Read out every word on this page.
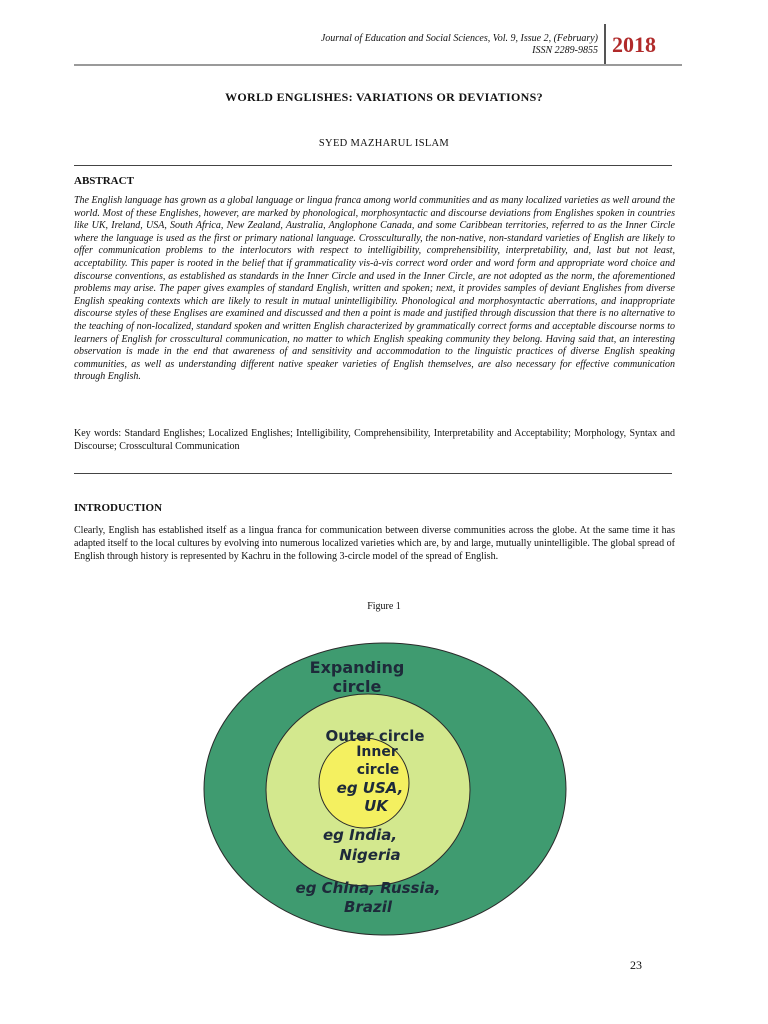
Journal of Education and Social Sciences, Vol. 9, Issue 2, (February)
ISSN 2289-9855 2018
WORLD ENGLISHES: VARIATIONS OR DEVIATIONS?
SYED MAZHARUL ISLAM
ABSTRACT
The English language has grown as a global language or lingua franca among world communities and as many localized varieties as well around the world. Most of these Englishes, however, are marked by phonological, morphosyntactic and discourse deviations from Englishes spoken in countries like UK, Ireland, USA, South Africa, New Zealand, Australia, Anglophone Canada, and some Caribbean territories, referred to as the Inner Circle where the language is used as the first or primary national language. Crossculturally, the non-native, non-standard varieties of English are likely to offer communication problems to the interlocutors with respect to intelligibility, comprehensibility, interpretability, and, last but not least, acceptability. This paper is rooted in the belief that if grammaticality vis-à-vis correct word order and word form and appropriate word choice and discourse conventions, as established as standards in the Inner Circle and used in the Inner Circle, are not adopted as the norm, the aforementioned problems may arise. The paper gives examples of standard English, written and spoken; next, it provides samples of deviant Englishes from diverse English speaking contexts which are likely to result in mutual unintelligibility. Phonological and morphosyntactic aberrations, and inappropriate discourse styles of these Englises are examined and discussed and then a point is made and justified through discussion that there is no alternative to the teaching of non-localized, standard spoken and written English characterized by grammatically correct forms and acceptable discourse norms to learners of English for crosscultural communication, no matter to which English speaking community they belong. Having said that, an interesting observation is made in the end that awareness of and sensitivity and accommodation to the linguistic practices of diverse English speaking communities, as well as understanding different native speaker varieties of English themselves, are also necessary for effective communication through English.
Key words: Standard Englishes; Localized Englishes; Intelligibility, Comprehensibility, Interpretability and Acceptability; Morphology, Syntax and Discourse; Crosscultural Communication
INTRODUCTION
Clearly, English has established itself as a lingua franca for communication between diverse communities across the globe. At the same time it has adapted itself to the local cultures by evolving into numerous localized varieties which are, by and large, mutually unintelligible. The global spread of English through history is represented by Kachru in the following 3-circle model of the spread of English.
Figure 1
Expanding
circle
Outer circle
Inner
circle
eg USA,
UK
eg India,
Nigeria
eg China, Russia,
Brazil
23
